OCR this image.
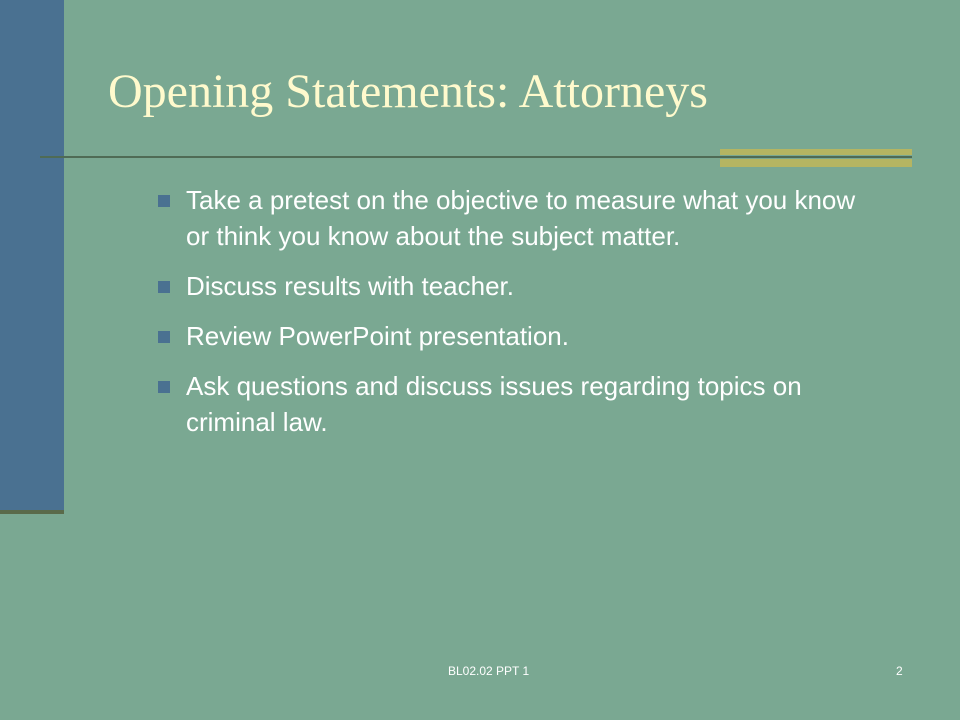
Opening Statements: Attorneys
Take a pretest on the objective to measure what you know or think you know about the subject matter.
Discuss results with teacher.
Review PowerPoint presentation.
Ask questions and discuss issues regarding topics on criminal law.
BL02.02 PPT 1	2
